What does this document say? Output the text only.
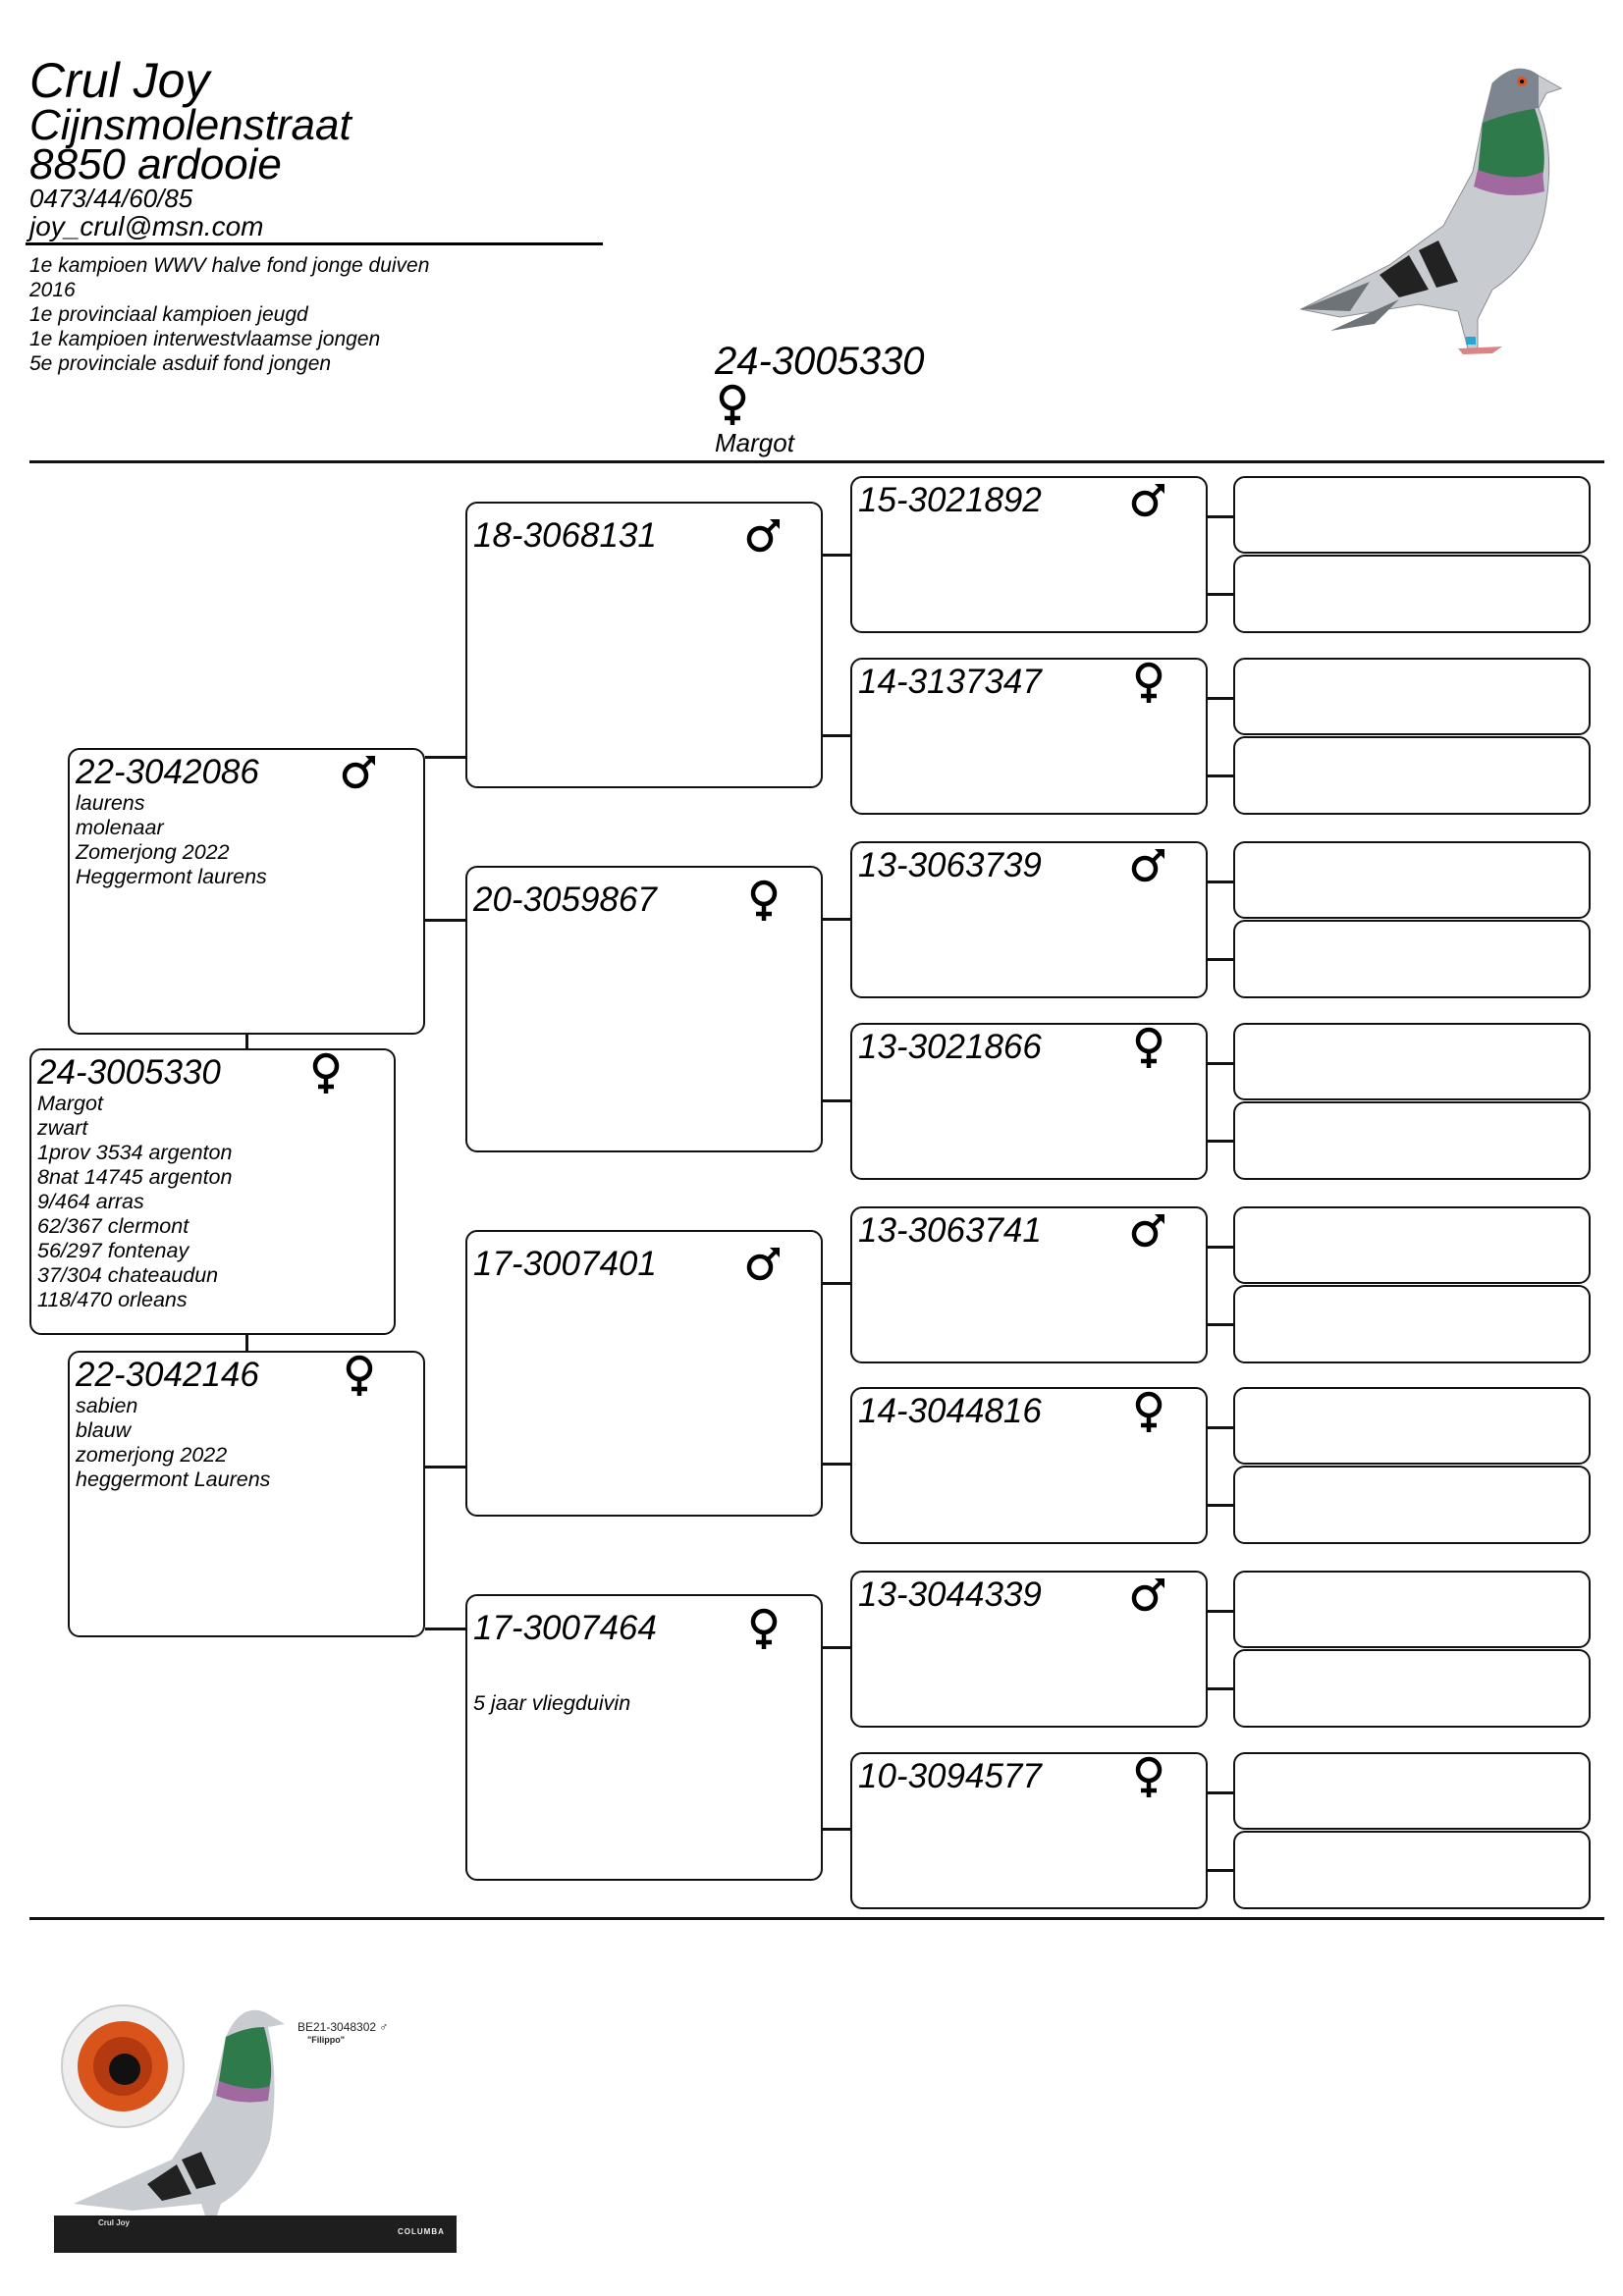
Crul Joy
Cijnsmolenstraat
8850 ardooie
0473/44/60/85
joy_crul@msn.com
1e kampioen WWV halve fond jonge duiven
2016
1e provinciaal kampioen jeugd
1e kampioen interwestvlaamse jongen
5e provinciale asduif fond jongen	24-3005330
Margot
24-3005330
Margot
zwart
1prov 3534 argenton
8nat 14745 argenton
9/464 arras
62/367 clermont
56/297 fontenay
37/304 chateaudun
118/470 orleans
22-3042086
laurens
molenaar
Zomerjong 2022
Heggermont laurens
22-3042146
sabien
blauw
zomerjong 2022
heggermont Laurens
18-3068131
20-3059867
17-3007401
17-3007464
5 jaar vliegduivin
15-3021892
14-3137347
13-3063739
13-3021866
13-3063741
14-3044816
13-3044339
10-3094577
BE21-3048302 ♂
"Filippo"
Crul Joy
COLUMBA
